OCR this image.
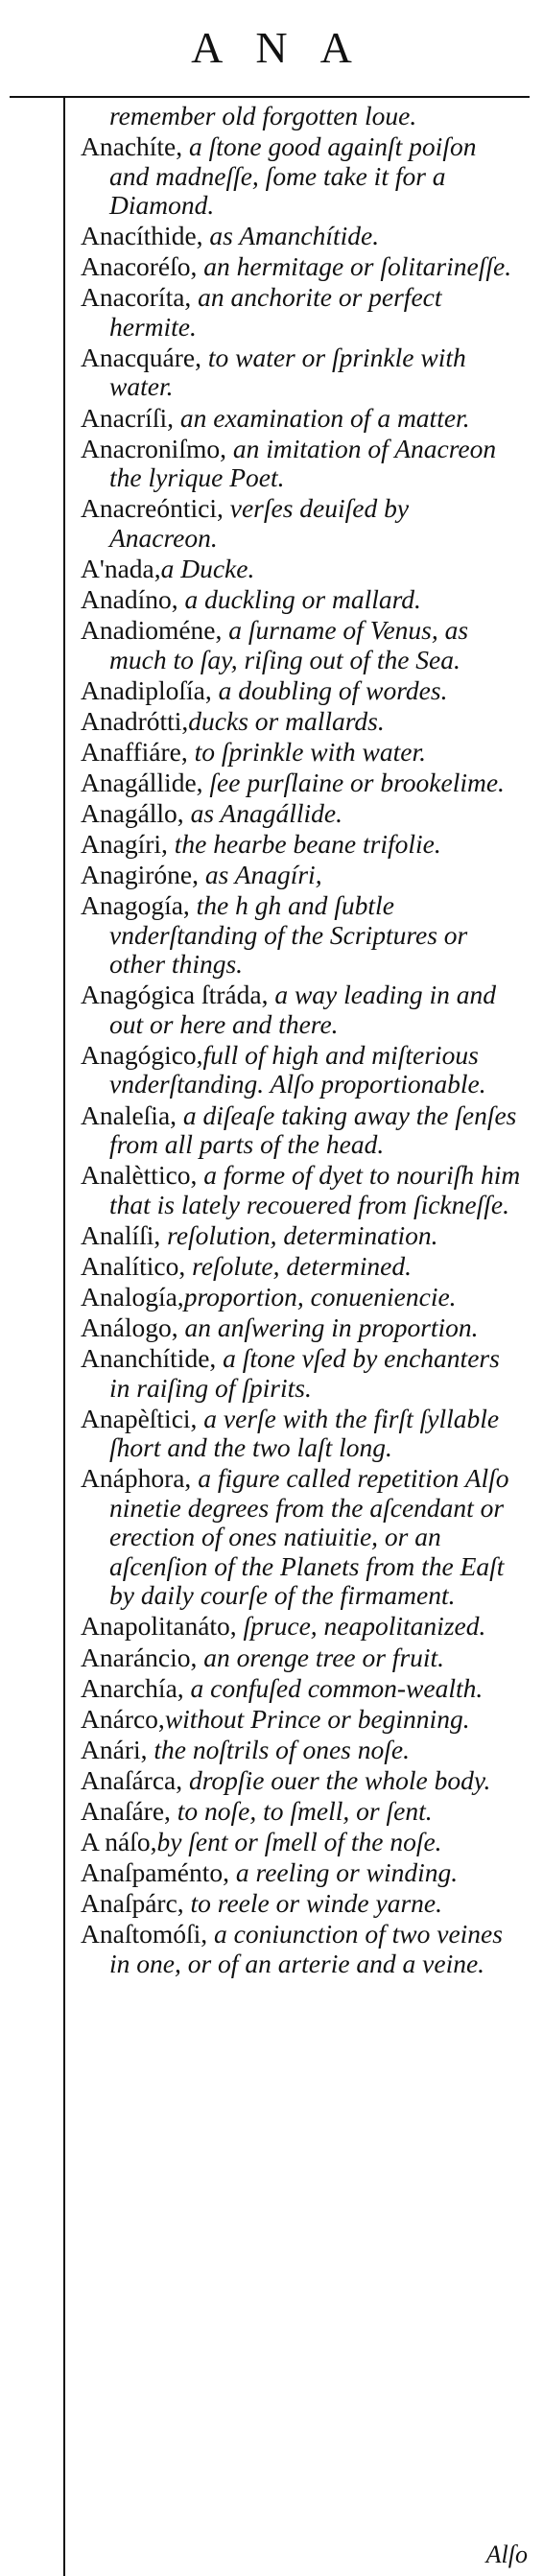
ANA
remember old forgotten loue.
Anachíte, a ſtone good againſt poiſon and madneſſe, ſome take it for a Diamond.
Anacíthide, as Amanchítide.
Anacoréſo, an hermitage or ſolitarineſſe.
Anacoríta, an anchorite or perfect hermite.
Anacquáre, to water or ſprinkle with water.
Anacríſi, an examination of a matter.
Anacroniſmo, an imitation of Anacreon the lyrique Poet.
Anacreóntici, verſes deuiſed by Anacreon.
A'nada,a Ducke.
Anadíno, a duckling or mallard.
Anadioméne, a ſurname of Venus, as much to ſay, riſing out of the Sea.
Anadiploſía, a doubling of wordes.
Anadrótti,ducks or mallards.
Anaffiáre, to ſprinkle with water.
Anagállide, ſee purſlaine or brookelime.
Anagállo, as Anagállide.
Anagíri, the hearbe beane trifolie.
Anagiróne, as Anagíri,
Anagogía, the h gh and ſubtle vnderſtanding of the Scriptures or other things.
Anagógica ſtráda, a way leading in and out or here and there.
Anagógico,full of high and miſterious vnderſtanding. Alſo proportionable.
Analeſia, a diſeaſe taking away the ſenſes from all parts of the head.
Analèttico, a forme of dyet to nouriſh him that is lately recouered from ſickneſſe.
Analíſi, reſolution, determination.
Analítico, reſolute, determined.
Analogía,proportion, conueniencie.
Análogo, an anſwering in proportion.
Ananchítide, a ſtone vſed by enchanters in raiſing of ſpirits.
Anapèſtici, a verſe with the firſt ſyllable ſhort and the two laſt long.
Anáphora, a figure called repetition Alſo ninetie degrees from the aſcendant or erection of ones natiuitie, or an aſcenſion of the Planets from the Eaſt by daily courſe of the firmament.
Anapolitanáto, ſpruce, neapolitanized.
Anaráncio, an orenge tree or fruit.
Anarchía, a confuſed common-wealth.
Anárco,without Prince or beginning.
Anári, the noſtrils of ones noſe.
Anaſárca, dropſie ouer the whole body.
Anaſáre, to noſe, to ſmell, or ſent.
A náſo,by ſent or ſmell of the noſe.
Anaſpaménto, a reeling or winding.
Anaſpárc, to reele or winde yarne.
Anaſtomóſi, a coniunction of two veines in one, or of an arterie and a veine.
Alſo
